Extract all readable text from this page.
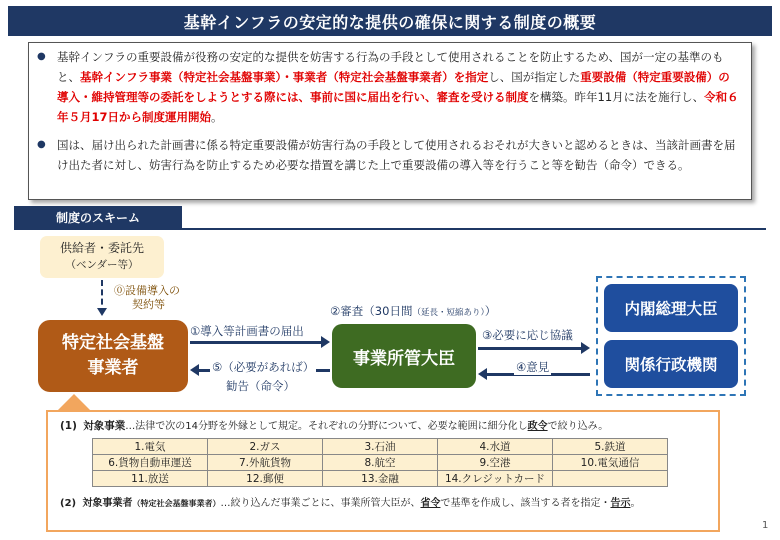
基幹インフラの安定的な提供の確保に関する制度の概要
● 基幹インフラの重要設備が役務の安定的な提供を妨害する行為の手段として使用されることを防止するため、国が一定の基準のもと、基幹インフラ事業（特定社会基盤事業）・事業者（特定社会基盤事業者）を指定し、国が指定した重要設備（特定重要設備）の導入・維持管理等の委託をしようとする際には、事前に国に届出を行い、審査を受ける制度を構築。昨年11月に法を施行し、令和６年５月17日から制度運用開始。
● 国は、届け出られた計画書に係る特定重要設備が妨害行為の手段として使用されるおそれが大きいと認めるときは、当該計画書を届け出た者に対し、妨害行為を防止するため必要な措置を講じた上で重要設備の導入等を行うこと等を勧告（命令）できる。
制度のスキーム
供給者・委託先
（ベンダー等）
⓪設備導入の
契約等
特定社会基盤
事業者	事業所管大臣
②審査（30日間（延長・短縮あり））
①導入等計画書の届出
⑤（必要があれば）
勧告（命令）
③必要に応じ協議
④意見
内閣総理大臣
関係行政機関
(1) 対象事業…法律で次の14分野を外縁として規定。それぞれの分野について、必要な範囲に細分化し政令で絞り込み。
1.電気	2.ガス	3.石油	4.水道	5.鉄道
6.貨物自動車運送	7.外航貨物	8.航空	9.空港	10.電気通信
11.放送	12.郵便	13.金融	14.クレジットカード	
(2) 対象事業者（特定社会基盤事業者）…絞り込んだ事業ごとに、事業所管大臣が、省令で基準を作成し、該当する者を指定・告示。
1
